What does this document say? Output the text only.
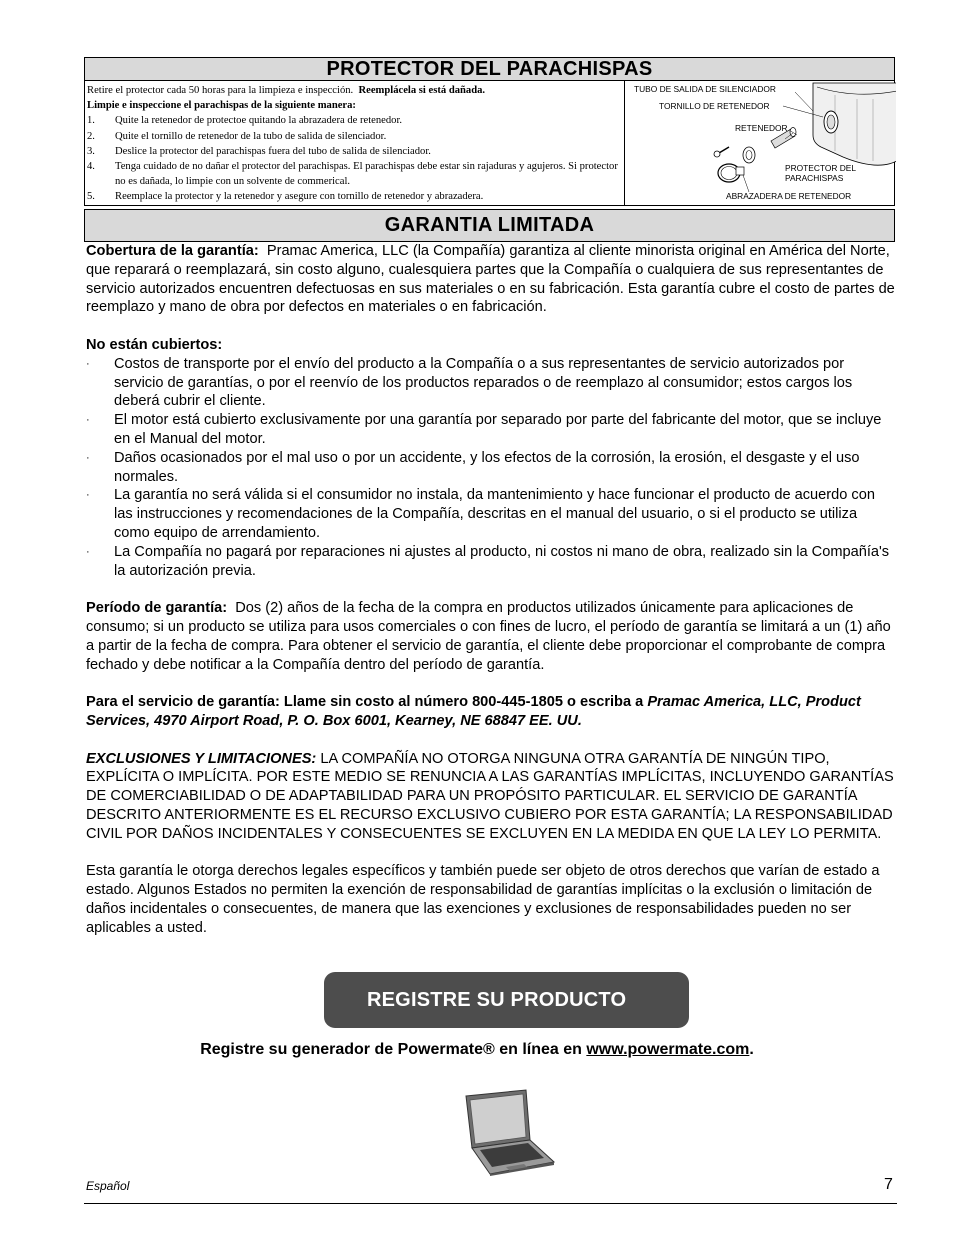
PROTECTOR DEL PARACHISPAS

Retire el protector cada 50 horas para la limpieza e inspección. Reemplácela si está dañada.

Limpie e inspeccione el parachispas de la siguiente manera:

1. Quite la retenedor de protectoe quitando la abrazadera de retenedor.
2. Quite el tornillo de retenedor de la tubo de salida de silenciador.
3. Deslice la protector del parachispas fuera del tubo de salida de silenciador.
4. Tenga cuidado de no dañar el protector del parachispas. El parachispas debe estar sin rajaduras y agujeros. Si protector no es dañada, lo limpie con un solvente de commerical.
5. Reemplace la protector y la retenedor y asegure con tornillo de retenedor y abrazadera.
TUBO DE SALIDA DE SILENCIADOR
TORNILLO DE RETENEDOR
RETENEDOR
PROTECTOR DEL
PARACHISPAS
ABRAZADERA DE RETENEDOR
GARANTIA LIMITADA

Cobertura de la garantía: Pramac America, LLC (la Compañía) garantiza al cliente minorista original en América del Norte, que reparará o reemplazará, sin costo alguno, cualesquiera partes que la Compañía o cualquiera de sus representantes de servicio autorizados encuentren defectuosas en sus materiales o en su fabricación. Esta garantía cubre el costo de partes de reemplazo y mano de obra por defectos en materiales o en fabricación.

No están cubiertos:

· Costos de transporte por el envío del producto a la Compañía o a sus representantes de servicio autorizados por servicio de garantías, o por el reenvío de los productos reparados o de reemplazo al consumidor; estos cargos los deberá cubrir el cliente.
· El motor está cubierto exclusivamente por una garantía por separado por parte del fabricante del motor, que se incluye en el Manual del motor.
· Daños ocasionados por el mal uso o por un accidente, y los efectos de la corrosión, la erosión, el desgaste y el uso normales.
· La garantía no será válida si el consumidor no instala, da mantenimiento y hace funcionar el producto de acuerdo con las instrucciones y recomendaciones de la Compañía, descritas en el manual del usuario, o si el producto se utiliza como equipo de arrendamiento.
· La Compañía no pagará por reparaciones ni ajustes al producto, ni costos ni mano de obra, realizado sin la Compañía's la autorización previa.

Período de garantía: Dos (2) años de la fecha de la compra en productos utilizados únicamente para aplicaciones de consumo; si un producto se utiliza para usos comerciales o con fines de lucro, el período de garantía se limitará a un (1) año a partir de la fecha de compra. Para obtener el servicio de garantía, el cliente debe proporcionar el comprobante de compra fechado y debe notificar a la Compañía dentro del período de garantía.

Para el servicio de garantía: Llame sin costo al número 800-445-1805 o escriba a Pramac America, LLC, Product Services, 4970 Airport Road, P. O. Box 6001, Kearney, NE 68847 EE. UU.

EXCLUSIONES Y LIMITACIONES: LA COMPAÑÍA NO OTORGA NINGUNA OTRA GARANTÍA DE NINGÚN TIPO, EXPLÍCITA O IMPLÍCITA. POR ESTE MEDIO SE RENUNCIA A LAS GARANTÍAS IMPLÍCITAS, INCLUYENDO GARANTÍAS DE COMERCIABILIDAD O DE ADAPTABILIDAD PARA UN PROPÓSITO PARTICULAR. EL SERVICIO DE GARANTÍA DESCRITO ANTERIORMENTE ES EL RECURSO EXCLUSIVO CUBIERO POR ESTA GARANTÍA; LA RESPONSABILIDAD CIVIL POR DAÑOS INCIDENTALES Y CONSECUENTES SE EXCLUYEN EN LA MEDIDA EN QUE LA LEY LO PERMITA.

Esta garantía le otorga derechos legales específicos y también puede ser objeto de otros derechos que varían de estado a estado. Algunos Estados no permiten la exención de responsabilidad de garantías implícitas o la exclusión o limitación de daños incidentales o consecuentes, de manera que las exenciones y exclusiones de responsabilidades pueden no ser aplicables a usted.

REGISTRE SU PRODUCTO
Registre su generador de Powermate® en línea en www.powermate.com.
Español	7
